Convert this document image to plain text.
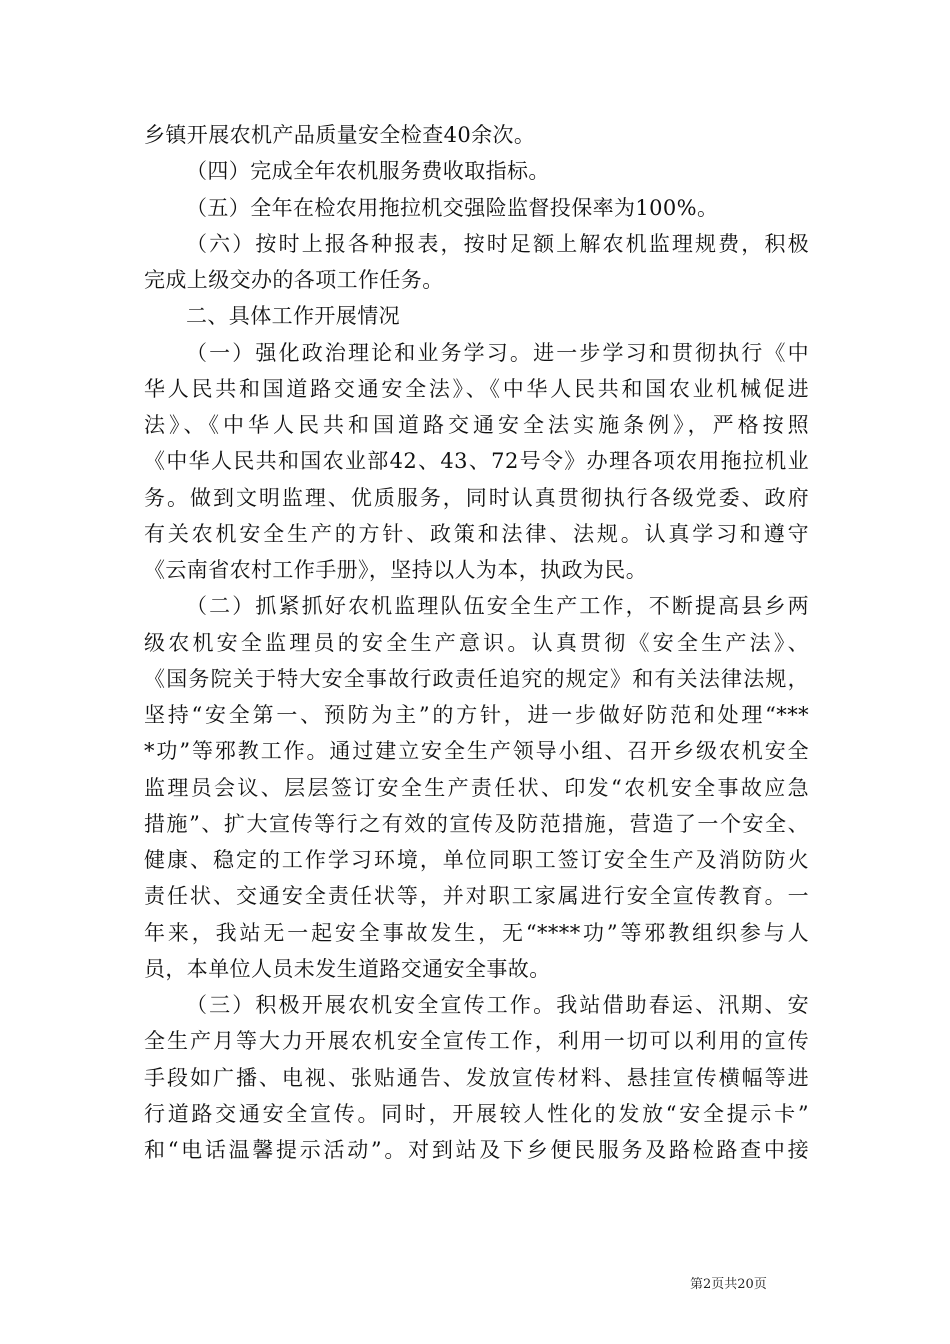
乡镇开展农机产品质量安全检查40余次。
（四）完成全年农机服务费收取指标。
（五）全年在检农用拖拉机交强险监督投保率为100%。
（六）按时上报各种报表，按时足额上解农机监理规费，积极
完成上级交办的各项工作任务。
二、具体工作开展情况
（一）强化政治理论和业务学习。进一步学习和贯彻执行《中
华人民共和国道路交通安全法》、《中华人民共和国农业机械促进
法》、《中华人民共和国道路交通安全法实施条例》，严格按照
《中华人民共和国农业部42、43、72号令》办理各项农用拖拉机业
务。做到文明监理、优质服务，同时认真贯彻执行各级党委、政府
有关农机安全生产的方针、政策和法律、法规。认真学习和遵守
《云南省农村工作手册》，坚持以人为本，执政为民。
（二）抓紧抓好农机监理队伍安全生产工作，不断提高县乡两
级农机安全监理员的安全生产意识。认真贯彻《安全生产法》、
《国务院关于特大安全事故行政责任追究的规定》和有关法律法规，
坚持“安全第一、预防为主”的方针，进一步做好防范和处理“***
*功”等邪教工作。通过建立安全生产领导小组、召开乡级农机安全
监理员会议、层层签订安全生产责任状、印发“农机安全事故应急
措施”、扩大宣传等行之有效的宣传及防范措施，营造了一个安全、
健康、稳定的工作学习环境，单位同职工签订安全生产及消防防火
责任状、交通安全责任状等，并对职工家属进行安全宣传教育。一
年来，我站无一起安全事故发生，无“****功”等邪教组织参与人
员，本单位人员未发生道路交通安全事故。
（三）积极开展农机安全宣传工作。我站借助春运、汛期、安
全生产月等大力开展农机安全宣传工作，利用一切可以利用的宣传
手段如广播、电视、张贴通告、发放宣传材料、悬挂宣传横幅等进
行道路交通安全宣传。同时，开展较人性化的发放“安全提示卡”
和“电话温馨提示活动”。对到站及下乡便民服务及路检路查中接
第2页共20页
